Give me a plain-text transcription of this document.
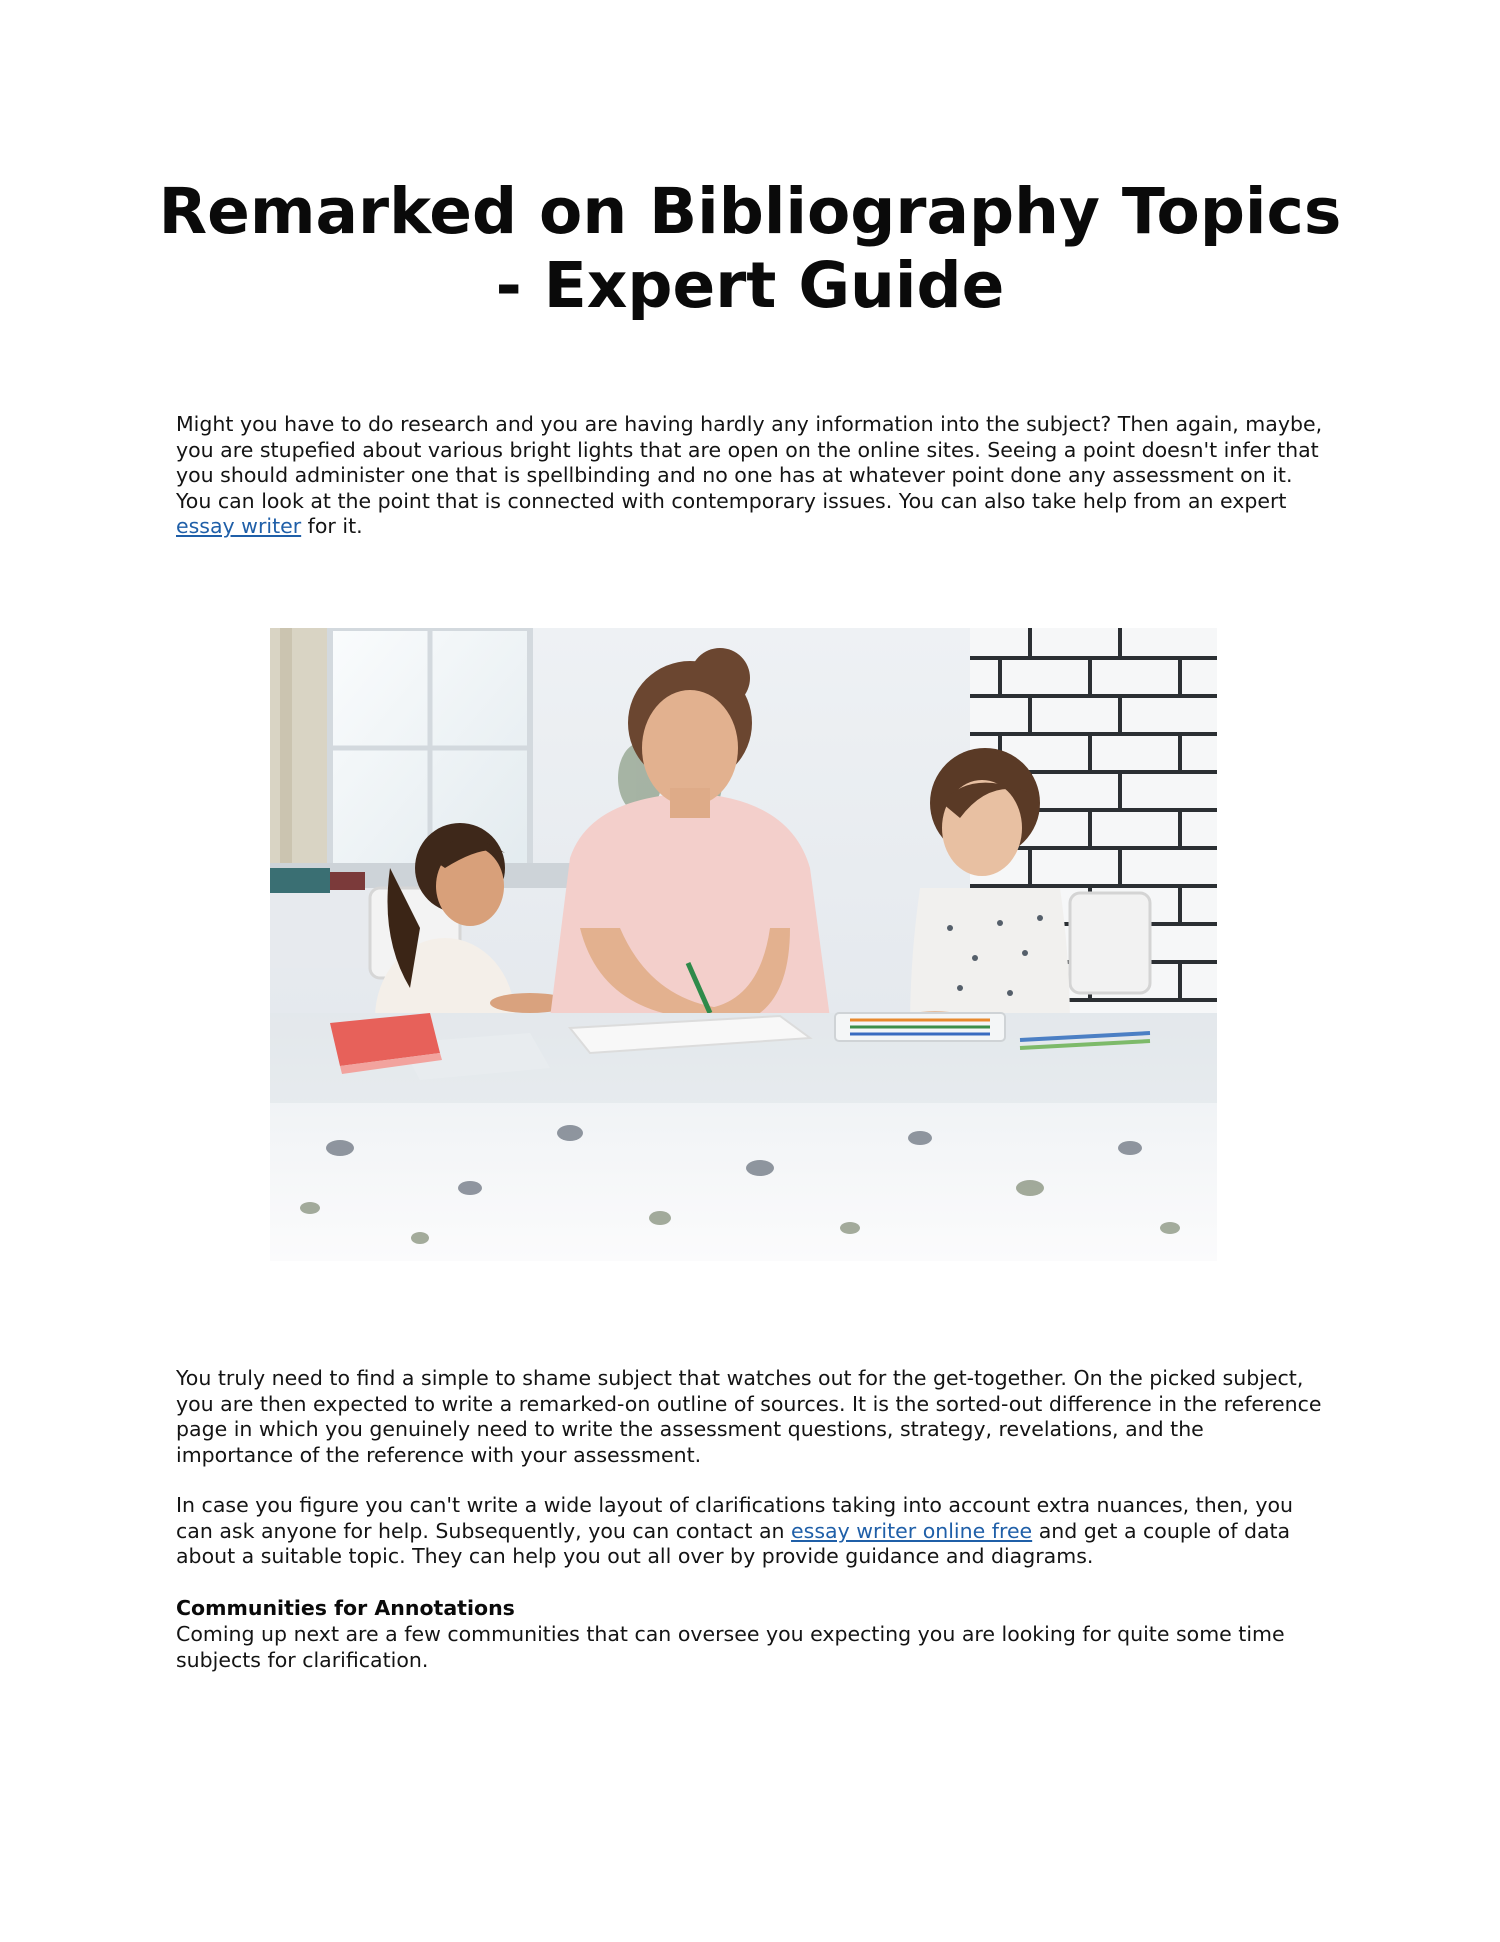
Remarked on Bibliography Topics - Expert Guide

Might you have to do research and you are having hardly any information into the subject? Then again, maybe, you are stupefied about various bright lights that are open on the online sites. Seeing a point doesn't infer that you should administer one that is spellbinding and no one has at whatever point done any assessment on it. You can look at the point that is connected with contemporary issues. You can also take help from an expert essay writer for it.

You truly need to find a simple to shame subject that watches out for the get-together. On the picked subject, you are then expected to write a remarked-on outline of sources. It is the sorted-out difference in the reference page in which you genuinely need to write the assessment questions, strategy, revelations, and the importance of the reference with your assessment.

In case you figure you can't write a wide layout of clarifications taking into account extra nuances, then, you can ask anyone for help. Subsequently, you can contact an essay writer online free and get a couple of data about a suitable topic. They can help you out all over by provide guidance and diagrams.

Communities for Annotations

Coming up next are a few communities that can oversee you expecting you are looking for quite some time subjects for clarification.
